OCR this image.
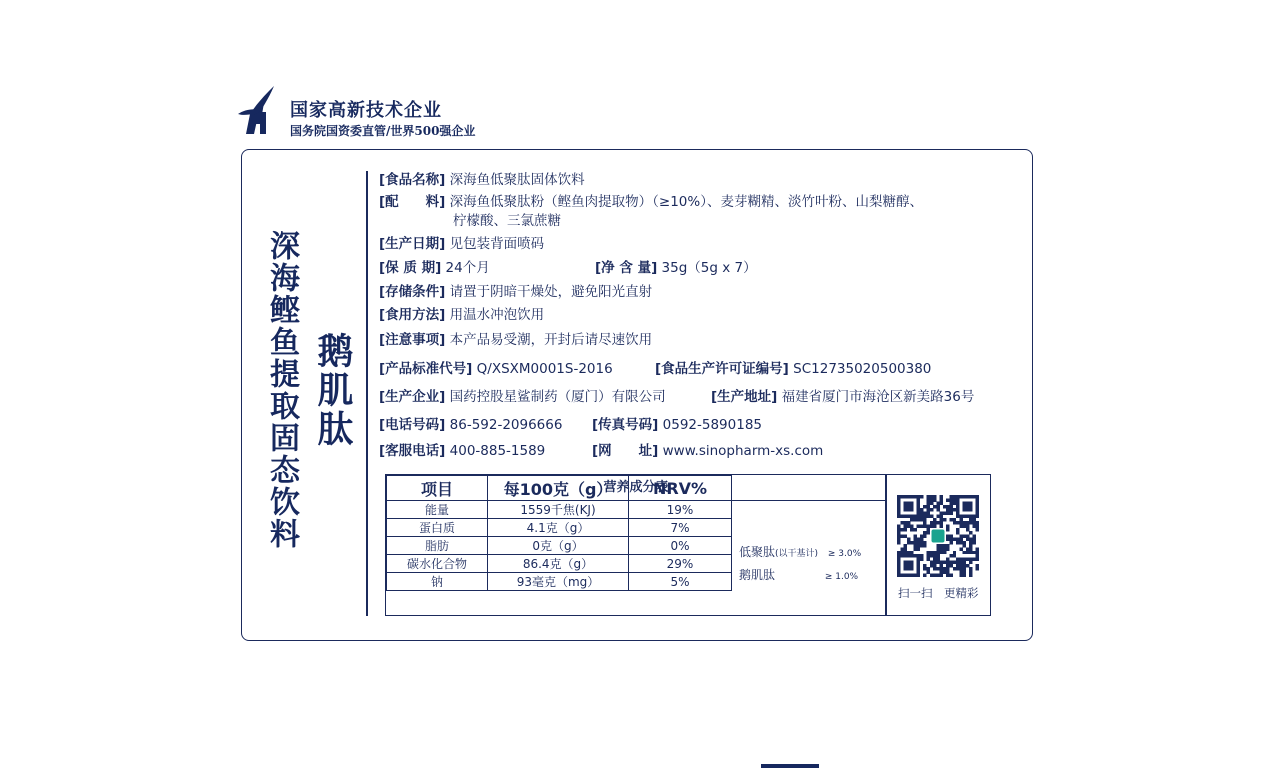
国家高新技术企业
国务院国资委直管/世界500强企业
深海鲣鱼提取固态饮料 鹅肌肽
[食品名称] 深海鱼低聚肽固体饮料
[配　　料] 深海鱼低聚肽粉（鲣鱼肉提取物）（≥10%）、麦芽糊精、淡竹叶粉、山梨糖醇、
柠檬酸、三氯蔗糖
[生产日期] 见包装背面喷码
[保 质 期] 24个月	[净 含 量] 35g（5g x 7）
[存储条件] 请置于阴暗干燥处，避免阳光直射
[食用方法] 用温水冲泡饮用
[注意事项] 本产品易受潮，开封后请尽速饮用
[产品标准代号] Q/XSXM0001S-2016	[食品生产许可证编号] SC12735020500380
[生产企业] 国药控股星鲨制药（厦门）有限公司	[生产地址] 福建省厦门市海沧区新美路36号
[电话号码] 86-592-2096666 [传真号码] 0592-5890185
[客服电话] 400-885-1589	[网　　址] www.sinopharm-xs.com
营养成分表
项目	每100克（g）	NRV%
能量	1559千焦(KJ)	19%
蛋白质	4.1克（g）	7%
脂肪	0克（g）	0%
碳水化合物	86.4克（g）	29%
钠	93毫克（mg）	5%
低聚肽(以干基计) ≥ 3.0%
鹅肌肽	≥ 1.0%
扫一扫　更精彩
